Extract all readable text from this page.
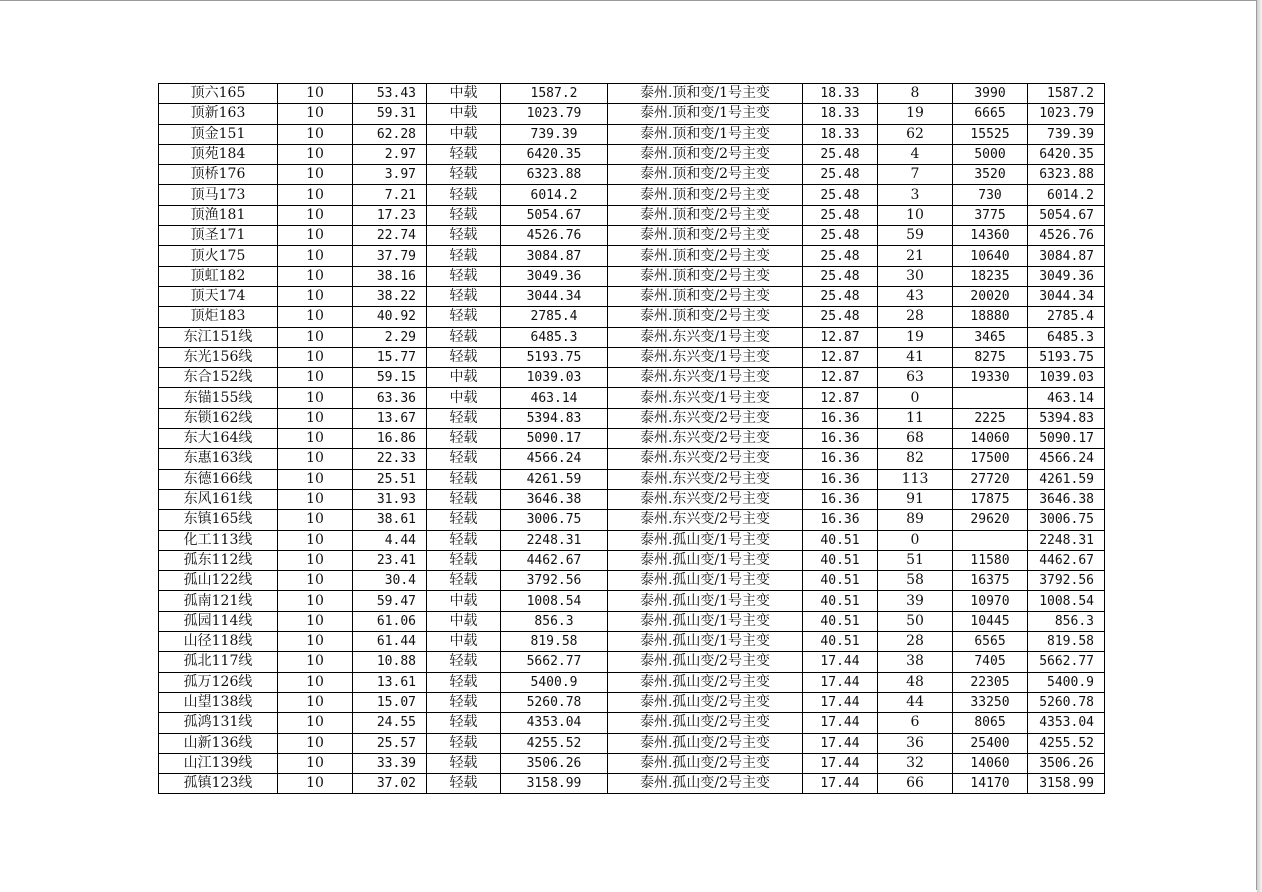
顶六165	10	53.43	中载	1587.2	泰州.顶和变/1号主变	18.33	8	3990	1587.2
顶新163	10	59.31	中载	1023.79	泰州.顶和变/1号主变	18.33	19	6665	1023.79
顶金151	10	62.28	中载	739.39	泰州.顶和变/1号主变	18.33	62	15525	739.39
顶苑184	10	2.97	轻载	6420.35	泰州.顶和变/2号主变	25.48	4	5000	6420.35
顶桥176	10	3.97	轻载	6323.88	泰州.顶和变/2号主变	25.48	7	3520	6323.88
顶马173	10	7.21	轻载	6014.2	泰州.顶和变/2号主变	25.48	3	730	6014.2
顶渔181	10	17.23	轻载	5054.67	泰州.顶和变/2号主变	25.48	10	3775	5054.67
顶圣171	10	22.74	轻载	4526.76	泰州.顶和变/2号主变	25.48	59	14360	4526.76
顶火175	10	37.79	轻载	3084.87	泰州.顶和变/2号主变	25.48	21	10640	3084.87
顶虹182	10	38.16	轻载	3049.36	泰州.顶和变/2号主变	25.48	30	18235	3049.36
顶天174	10	38.22	轻载	3044.34	泰州.顶和变/2号主变	25.48	43	20020	3044.34
顶炬183	10	40.92	轻载	2785.4	泰州.顶和变/2号主变	25.48	28	18880	2785.4
东江151线	10	2.29	轻载	6485.3	泰州.东兴变/1号主变	12.87	19	3465	6485.3
东光156线	10	15.77	轻载	5193.75	泰州.东兴变/1号主变	12.87	41	8275	5193.75
东合152线	10	59.15	中载	1039.03	泰州.东兴变/1号主变	12.87	63	19330	1039.03
东锚155线	10	63.36	中载	463.14	泰州.东兴变/1号主变	12.87	0		463.14
东锁162线	10	13.67	轻载	5394.83	泰州.东兴变/2号主变	16.36	11	2225	5394.83
东大164线	10	16.86	轻载	5090.17	泰州.东兴变/2号主变	16.36	68	14060	5090.17
东惠163线	10	22.33	轻载	4566.24	泰州.东兴变/2号主变	16.36	82	17500	4566.24
东德166线	10	25.51	轻载	4261.59	泰州.东兴变/2号主变	16.36	113	27720	4261.59
东风161线	10	31.93	轻载	3646.38	泰州.东兴变/2号主变	16.36	91	17875	3646.38
东镇165线	10	38.61	轻载	3006.75	泰州.东兴变/2号主变	16.36	89	29620	3006.75
化工113线	10	4.44	轻载	2248.31	泰州.孤山变/1号主变	40.51	0		2248.31
孤东112线	10	23.41	轻载	4462.67	泰州.孤山变/1号主变	40.51	51	11580	4462.67
孤山122线	10	30.4	轻载	3792.56	泰州.孤山变/1号主变	40.51	58	16375	3792.56
孤南121线	10	59.47	中载	1008.54	泰州.孤山变/1号主变	40.51	39	10970	1008.54
孤园114线	10	61.06	中载	856.3	泰州.孤山变/1号主变	40.51	50	10445	856.3
山径118线	10	61.44	中载	819.58	泰州.孤山变/1号主变	40.51	28	6565	819.58
孤北117线	10	10.88	轻载	5662.77	泰州.孤山变/2号主变	17.44	38	7405	5662.77
孤万126线	10	13.61	轻载	5400.9	泰州.孤山变/2号主变	17.44	48	22305	5400.9
山望138线	10	15.07	轻载	5260.78	泰州.孤山变/2号主变	17.44	44	33250	5260.78
孤鸿131线	10	24.55	轻载	4353.04	泰州.孤山变/2号主变	17.44	6	8065	4353.04
山新136线	10	25.57	轻载	4255.52	泰州.孤山变/2号主变	17.44	36	25400	4255.52
山江139线	10	33.39	轻载	3506.26	泰州.孤山变/2号主变	17.44	32	14060	3506.26
孤镇123线	10	37.02	轻载	3158.99	泰州.孤山变/2号主变	17.44	66	14170	3158.99
